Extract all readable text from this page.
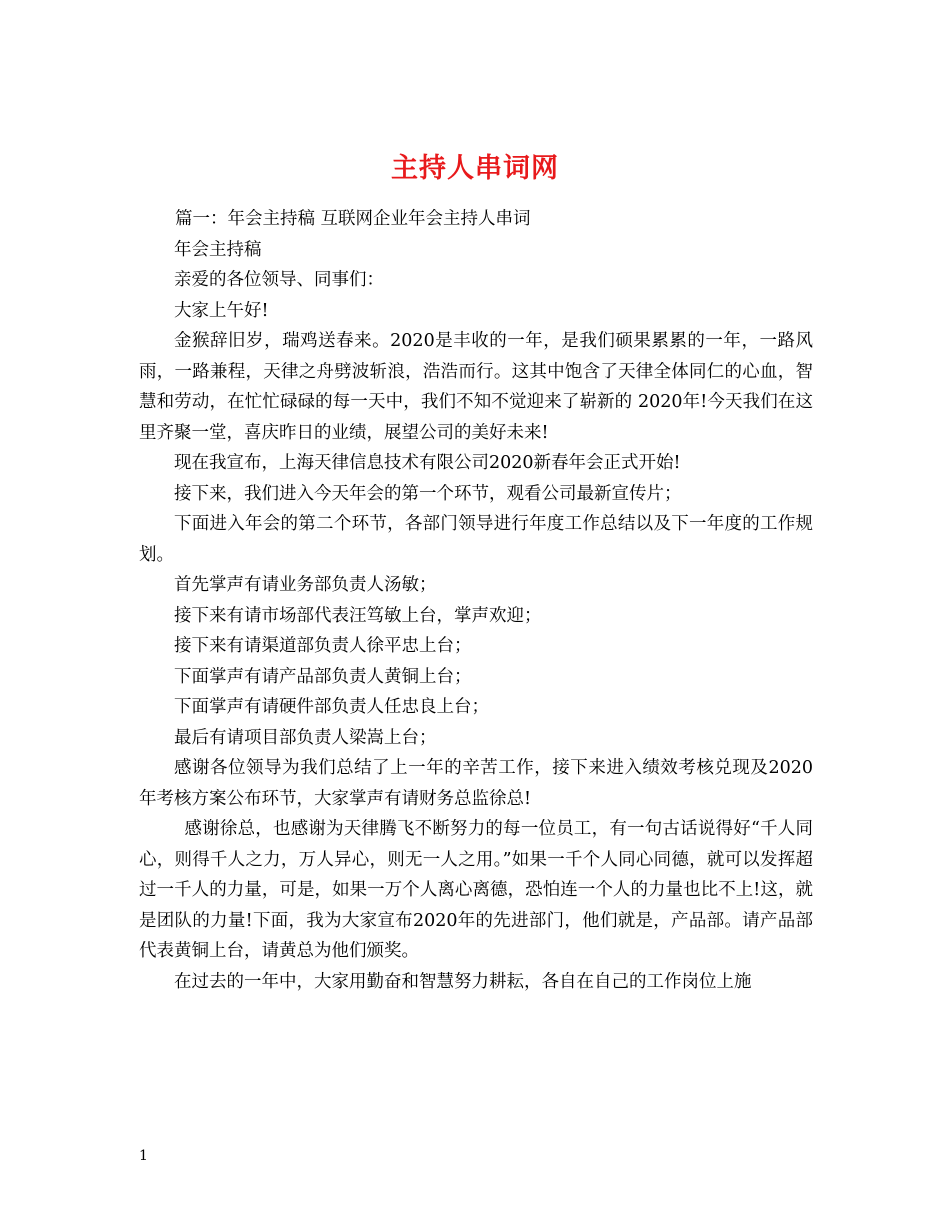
主持人串词网

篇一：年会主持稿 互联网企业年会主持人串词

年会主持稿

亲爱的各位领导、同事们：

大家上午好!

金猴辞旧岁，瑞鸡送春来。2020是丰收的一年，是我们硕果累累的一年，一路风雨，一路兼程，天律之舟劈波斩浪，浩浩而行。这其中饱含了天律全体同仁的心血，智慧和劳动，在忙忙碌碌的每一天中，我们不知不觉迎来了崭新的 2020年!今天我们在这里齐聚一堂，喜庆昨日的业绩，展望公司的美好未来!

现在我宣布，上海天律信息技术有限公司2020新春年会正式开始!

接下来，我们进入今天年会的第一个环节，观看公司最新宣传片；

下面进入年会的第二个环节，各部门领导进行年度工作总结以及下一年度的工作规划。

首先掌声有请业务部负责人汤敏；

接下来有请市场部代表汪笃敏上台，掌声欢迎；

接下来有请渠道部负责人徐平忠上台；

下面掌声有请产品部负责人黄铜上台；

下面掌声有请硬件部负责人任忠良上台；

最后有请项目部负责人梁嵩上台；

感谢各位领导为我们总结了上一年的辛苦工作，接下来进入绩效考核兑现及2020年考核方案公布环节，大家掌声有请财务总监徐总!

感谢徐总，也感谢为天律腾飞不断努力的每一位员工，有一句古话说得好“千人同心，则得千人之力，万人异心，则无一人之用。”如果一千个人同心同德，就可以发挥超过一千人的力量，可是，如果一万个人离心离德，恐怕连一个人的力量也比不上!这，就是团队的力量!下面，我为大家宣布2020年的先进部门，他们就是，产品部。请产品部代表黄铜上台，请黄总为他们颁奖。

在过去的一年中，大家用勤奋和智慧努力耕耘，各自在自己的工作岗位上施

1
